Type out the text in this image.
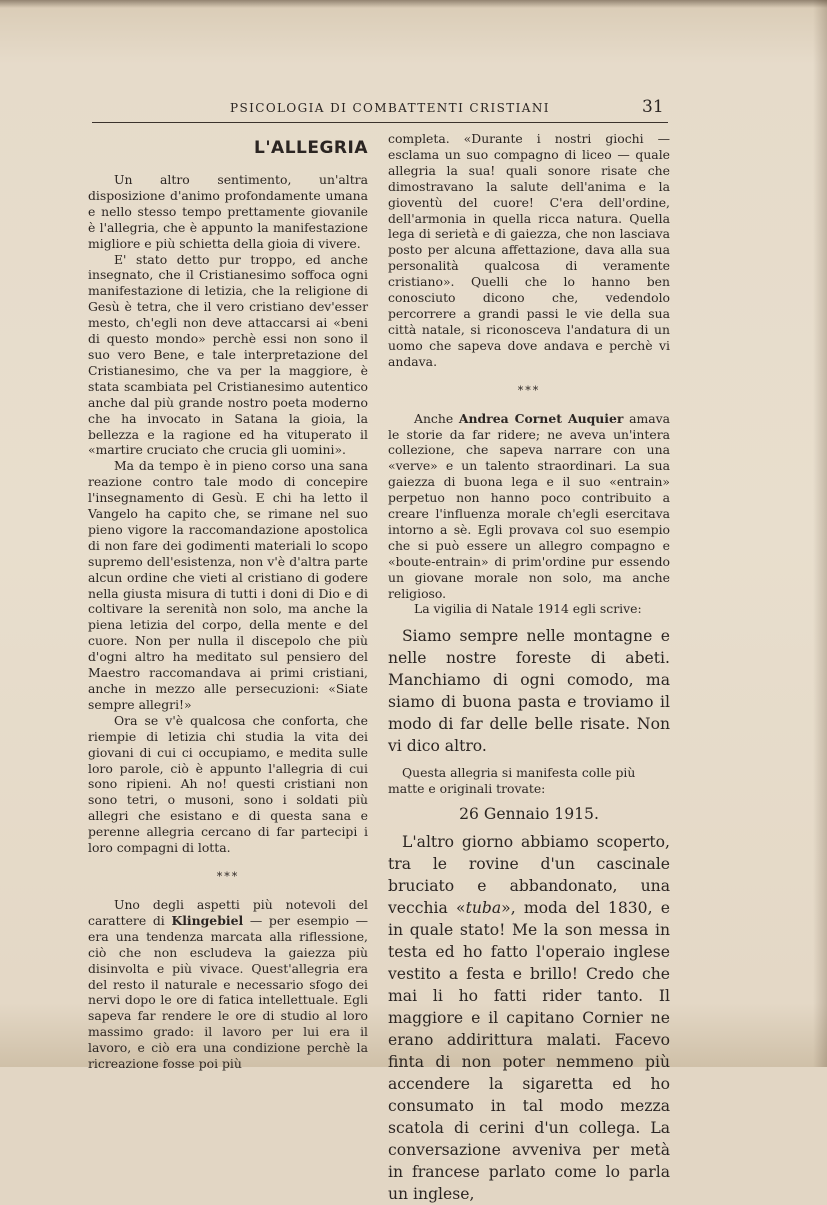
PSICOLOGIA DI COMBATTENTI CRISTIANI	31
L'ALLEGRIA

Un altro sentimento, un'altra disposizione d'animo profondamente umana e nello stesso tempo prettamente giovanile è l'allegria, che è appunto la manifestazione migliore e più schietta della gioia di vivere.

E' stato detto pur troppo, ed anche insegnato, che il Cristianesimo soffoca ogni manifestazione di letizia, che la religione di Gesù è tetra, che il vero cristiano dev'esser mesto, ch'egli non deve attaccarsi ai «beni di questo mondo» perchè essi non sono il suo vero Bene, e tale interpretazione del Cristianesimo, che va per la maggiore, è stata scambiata pel Cristianesimo autentico anche dal più grande nostro poeta moderno che ha invocato in Satana la gioia, la bellezza e la ragione ed ha vituperato il «martire cruciato che crucia gli uomini».

Ma da tempo è in pieno corso una sana reazione contro tale modo di concepire l'insegnamento di Gesù. E chi ha letto il Vangelo ha capito che, se rimane nel suo pieno vigore la raccomandazione apostolica di non fare dei godimenti materiali lo scopo supremo dell'esistenza, non v'è d'altra parte alcun ordine che vieti al cristiano di godere nella giusta misura di tutti i doni di Dio e di coltivare la serenità non solo, ma anche la piena letizia del corpo, della mente e del cuore. Non per nulla il discepolo che più d'ogni altro ha meditato sul pensiero del Maestro raccomandava ai primi cristiani, anche in mezzo alle persecuzioni: «Siate sempre allegri!»

Ora se v'è qualcosa che conforta, che riempie di letizia chi studia la vita dei giovani di cui ci occupiamo, e medita sulle loro parole, ciò è appunto l'allegria di cui sono ripieni. Ah no! questi cristiani non sono tetri, o musoni, sono i soldati più allegri che esistano e di questa sana e perenne allegria cercano di far partecipi i loro compagni di lotta.

***

Uno degli aspetti più notevoli del carattere di Klingebiel — per esempio — era una tendenza marcata alla riflessione, ciò che non escludeva la gaiezza più disinvolta e più vivace. Quest'allegria era del resto il naturale e necessario sfogo dei nervi dopo le ore di fatica intellettuale. Egli sapeva far rendere le ore di studio al loro massimo grado: il lavoro per lui era il lavoro, e ciò era una condizione perchè la ricreazione fosse poi più

completa. «Durante i nostri giochi — esclama un suo compagno di liceo — quale allegria la sua! quali sonore risate che dimostravano la salute dell'anima e la gioventù del cuore! C'era dell'ordine, dell'armonia in quella ricca natura. Quella lega di serietà e di gaiezza, che non lasciava posto per alcuna affettazione, dava alla sua personalità qualcosa di veramente cristiano». Quelli che lo hanno ben conosciuto dicono che, vedendolo percorrere a grandi passi le vie della sua città natale, si riconosceva l'andatura di un uomo che sapeva dove andava e perchè vi andava.

***

Anche Andrea Cornet Auquier amava le storie da far ridere; ne aveva un'intera collezione, che sapeva narrare con una «verve» e un talento straordinari. La sua gaiezza di buona lega e il suo «entrain» perpetuo non hanno poco contribuito a creare l'influenza morale ch'egli esercitava intorno a sè. Egli provava col suo esempio che si può essere un allegro compagno e «boute-entrain» di prim'ordine pur essendo un giovane morale non solo, ma anche religioso.

La vigilia di Natale 1914 egli scrive:

Siamo sempre nelle montagne e nelle nostre foreste di abeti. Manchiamo di ogni comodo, ma siamo di buona pasta e troviamo il modo di far delle belle risate. Non vi dico altro.

Questa allegria si manifesta colle più matte e originali trovate:

26 Gennaio 1915.

L'altro giorno abbiamo scoperto, tra le rovine d'un cascinale bruciato e abbandonato, una vecchia «tuba», moda del 1830, e in quale stato! Me la son messa in testa ed ho fatto l'operaio inglese vestito a festa e brillo! Credo che mai li ho fatti rider tanto. Il maggiore e il capitano Cornier ne erano addirittura malati. Facevo finta di non poter nemmeno più accendere la sigaretta ed ho consumato in tal modo mezza scatola di cerini d'un collega. La conversazione avveniva per metà in francese parlato come lo parla un inglese,
